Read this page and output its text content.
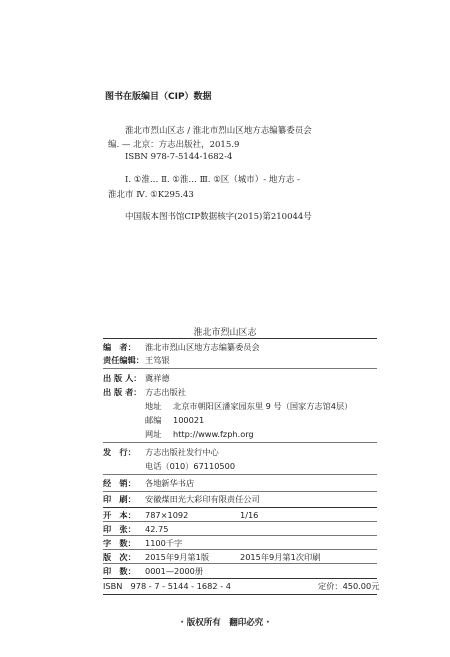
图书在版编目（CIP）数据
淮北市烈山区志 / 淮北市烈山区地方志编纂委员会
编. — 北京：方志出版社，2015.9
ISBN 978-7-5144-1682-4
Ⅰ. ①淮… Ⅱ. ①淮… Ⅲ. ①区（城市）- 地方志 -
淮北市 Ⅳ. ①K295.43
中国版本图书馆CIP数据核字(2015)第210044号
淮北市烈山区志
编　者： 淮北市烈山区地方志编纂委员会
责任编辑：王笃银
出 版 人： 冀祥德
出 版 者： 方志出版社
地址 北京市朝阳区潘家园东里 9 号（国家方志馆4层）
邮编 100021
网址 http://www.fzph.org
发　行： 方志出版社发行中心
电话（010）67110500
经　销： 各地新华书店
印　刷： 安徽煤田光大彩印有限责任公司
开　本： 787×1092	1/16
印　张： 42.75
字　数： 1100千字
版　次： 2015年9月第1版	2015年9月第1次印刷
印　数： 0001—2000册
ISBN　978 - 7 - 5144 - 1682 - 4	定价：450.00元
· 版权所有　翻印必究 ·
